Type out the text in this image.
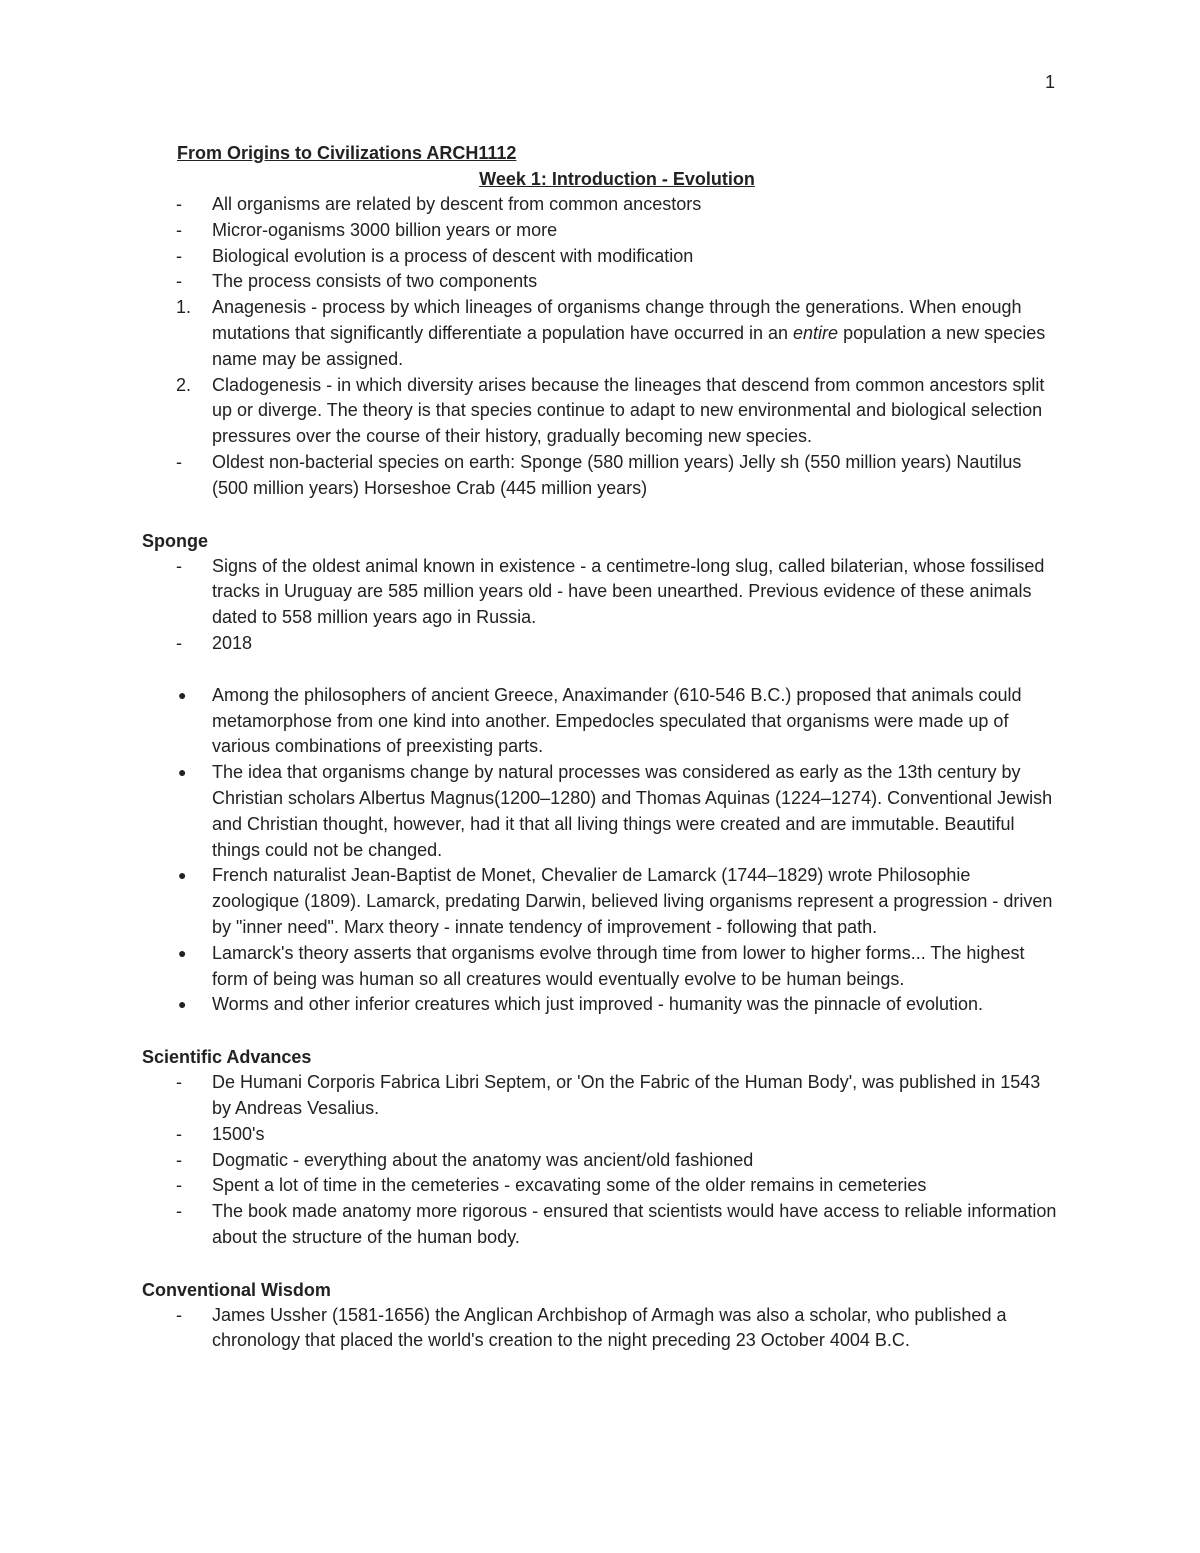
1
From Origins to Civilizations ARCH1112
Week 1: Introduction - Evolution
- All organisms are related by descent from common ancestors
- Micror-oganisms 3000 billion years or more
- Biological evolution is a process of descent with modification
- The process consists of two components
1. Anagenesis - process by which lineages of organisms change through the generations. When enough mutations that significantly differentiate a population have occurred in an entire population a new species name may be assigned.
2. Cladogenesis - in which diversity arises because the lineages that descend from common ancestors split up or diverge. The theory is that species continue to adapt to new environmental and biological selection pressures over the course of their history, gradually becoming new species.
- Oldest non-bacterial species on earth: Sponge (580 million years) Jelly sh (550 million years) Nautilus (500 million years) Horseshoe Crab (445 million years)
Sponge
- Signs of the oldest animal known in existence - a centimetre-long slug, called bilaterian, whose fossilised tracks in Uruguay are 585 million years old - have been unearthed. Previous evidence of these animals dated to 558 million years ago in Russia.
- 2018
● Among the philosophers of ancient Greece, Anaximander (610-546 B.C.) proposed that animals could metamorphose from one kind into another. Empedocles speculated that organisms were made up of various combinations of preexisting parts.
● The idea that organisms change by natural processes was considered as early as the 13th century by Christian scholars Albertus Magnus(1200–1280) and Thomas Aquinas (1224–1274). Conventional Jewish and Christian thought, however, had it that all living things were created and are immutable. Beautiful things could not be changed.
● French naturalist Jean-Baptist de Monet, Chevalier de Lamarck (1744–1829) wrote Philosophie zoologique (1809). Lamarck, predating Darwin, believed living organisms represent a progression - driven by "inner need". Marx theory - innate tendency of improvement - following that path.
● Lamarck's theory asserts that organisms evolve through time from lower to higher forms... The highest form of being was human so all creatures would eventually evolve to be human beings.
● Worms and other inferior creatures which just improved - humanity was the pinnacle of evolution.
Scientific Advances
- De Humani Corporis Fabrica Libri Septem, or 'On the Fabric of the Human Body', was published in 1543 by Andreas Vesalius.
- 1500's
- Dogmatic - everything about the anatomy was ancient/old fashioned
- Spent a lot of time in the cemeteries - excavating some of the older remains in cemeteries
- The book made anatomy more rigorous - ensured that scientists would have access to reliable information about the structure of the human body.
Conventional Wisdom
- James Ussher (1581-1656) the Anglican Archbishop of Armagh was also a scholar, who published a chronology that placed the world's creation to the night preceding 23 October 4004 B.C.
